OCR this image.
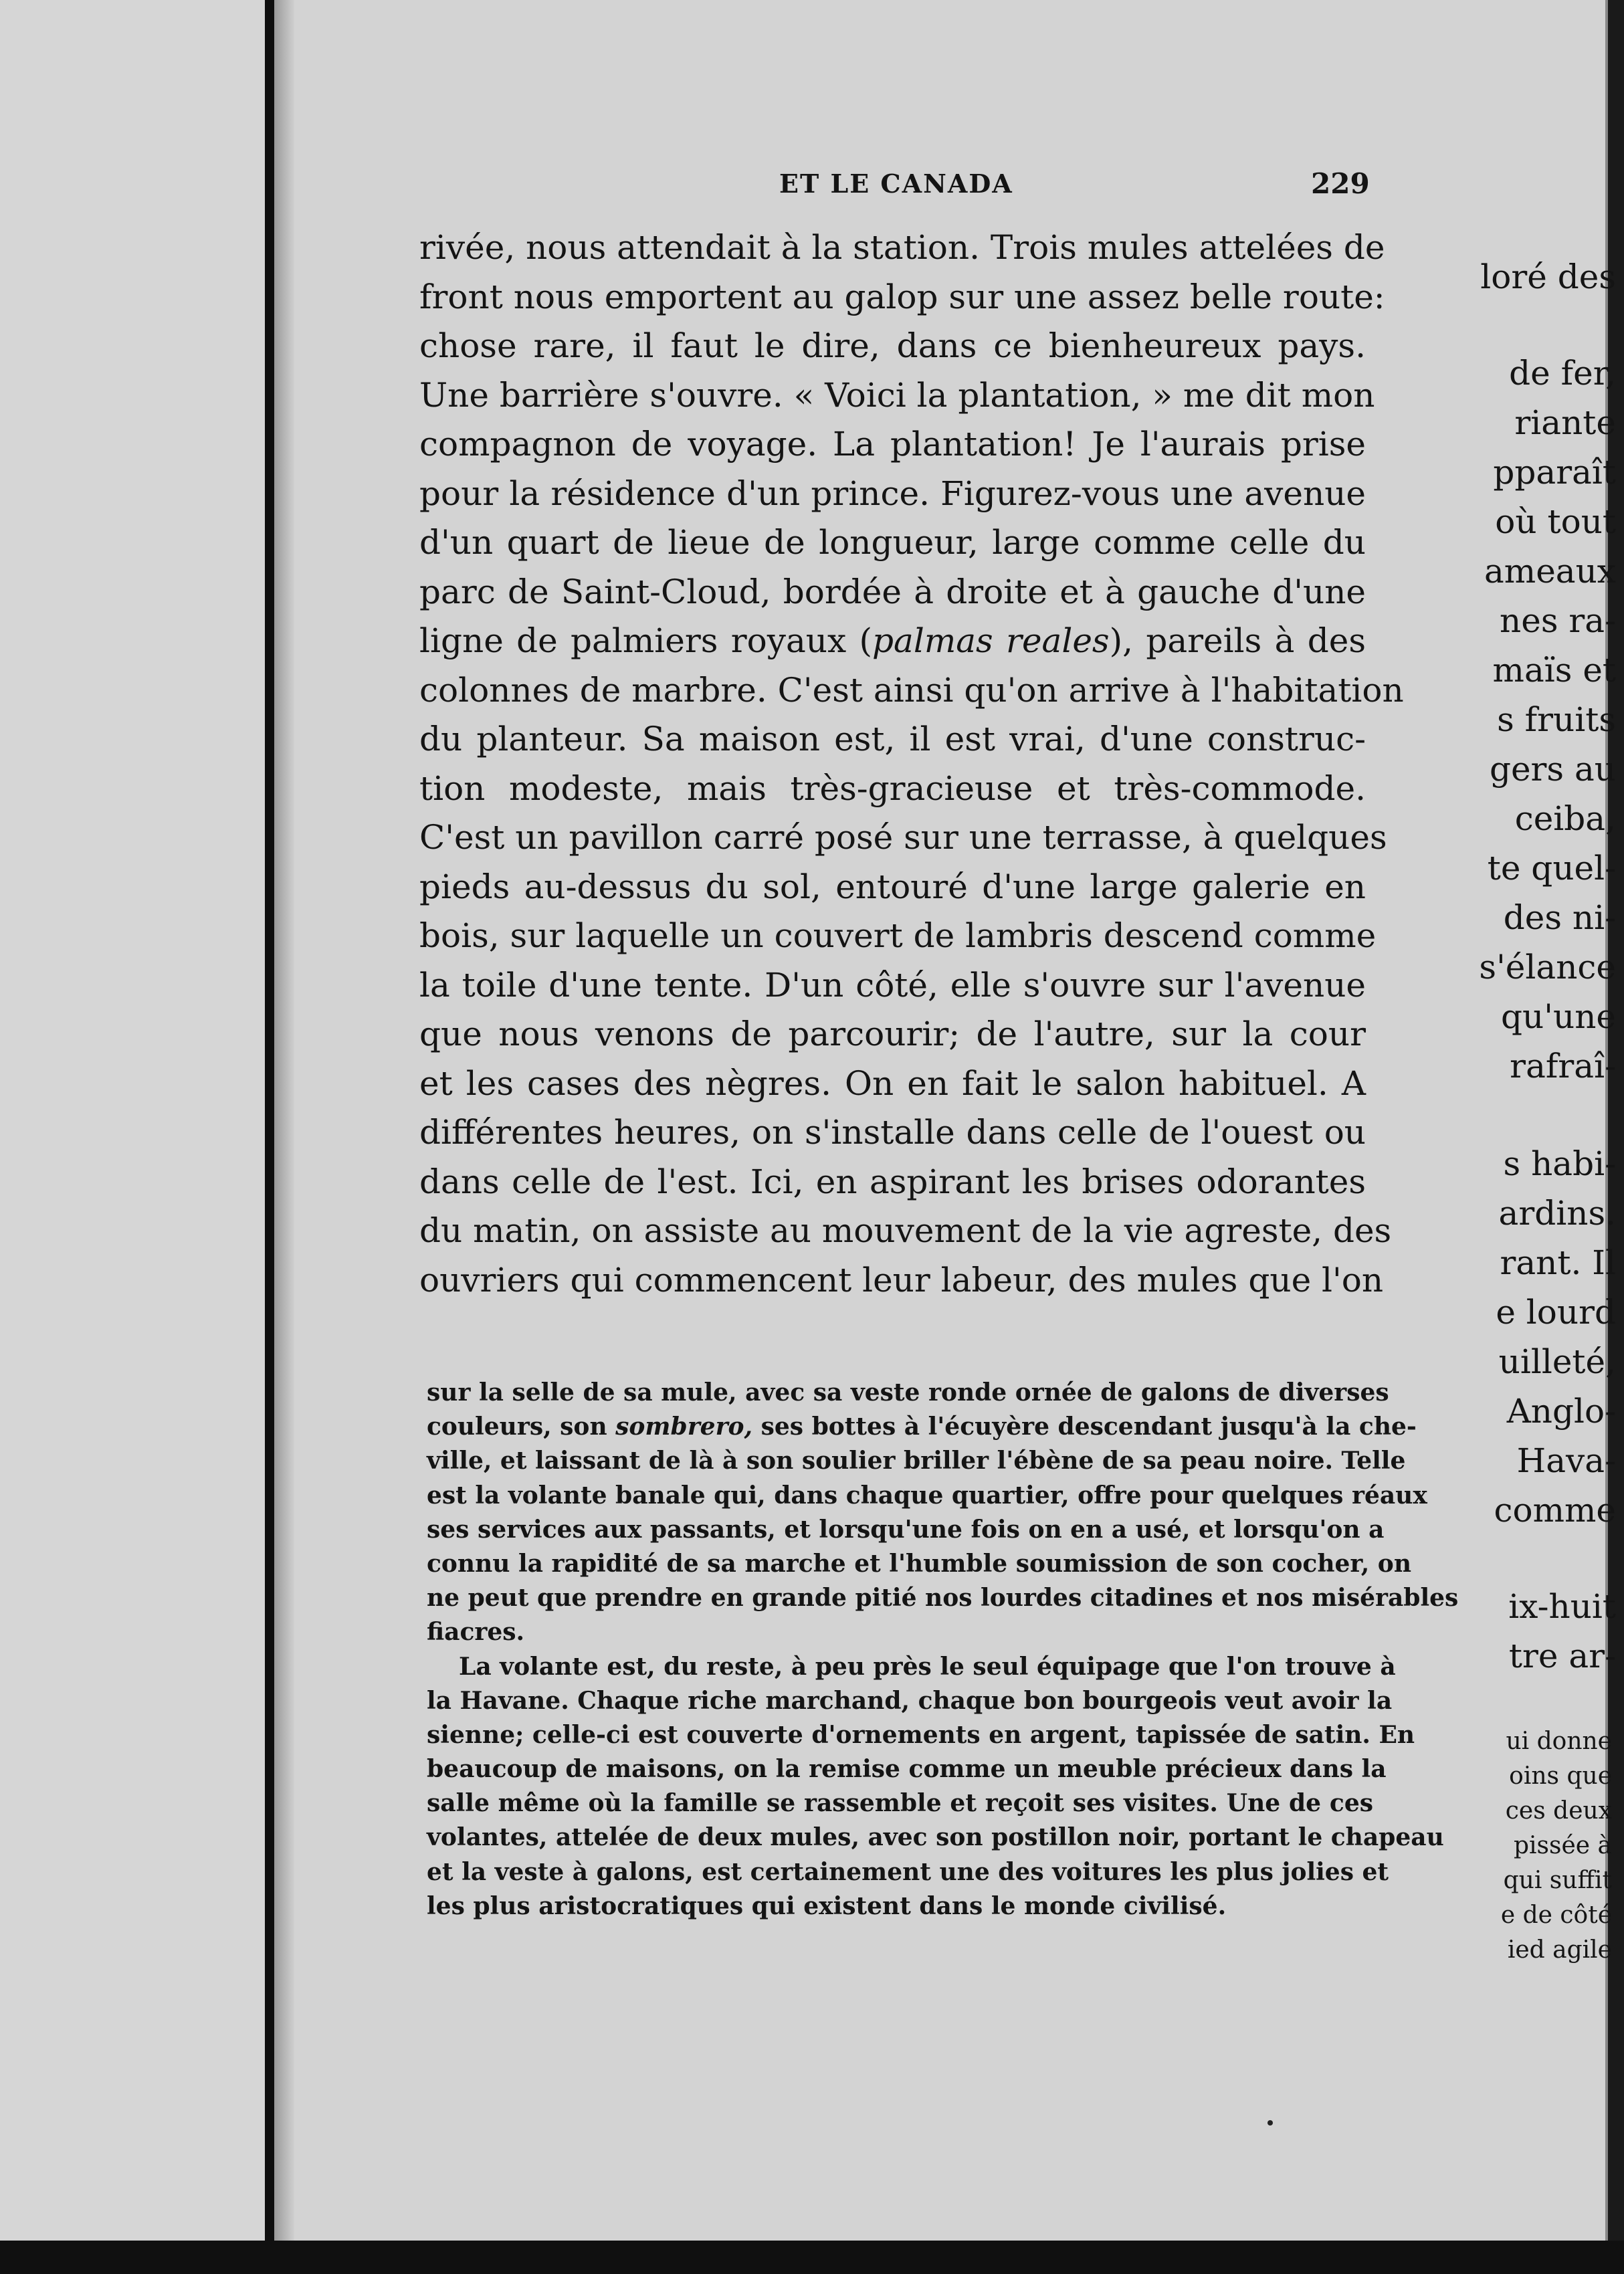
loré des
de fer,
riante
pparaît
où tout
ameaux
nes ra-
maïs et
s fruits
gers au
ceiba,
te quel-
des ni-
s'élance
qu'une
rafraî-
s habi-
ardins.
rant. Il
e lourd
uilleté,
Anglo-
Hava-
comme
ix-huit
tre ar-
ui donne
oins que
ces deux
pissée à
qui suffit
e de côté
ied agile
ET LE CANADA	229
rivée, nous attendait à la station. Trois mules attelées de
front nous emportent au galop sur une assez belle route:
chose rare, il faut le dire, dans ce bienheureux pays.
Une barrière s'ouvre. « Voici la plantation, » me dit mon
compagnon de voyage. La plantation! Je l'aurais prise
pour la résidence d'un prince. Figurez-vous une avenue
d'un quart de lieue de longueur, large comme celle du
parc de Saint-Cloud, bordée à droite et à gauche d'une
ligne de palmiers royaux (palmas reales), pareils à des
colonnes de marbre. C'est ainsi qu'on arrive à l'habitation
du planteur. Sa maison est, il est vrai, d'une construc-
tion modeste, mais très-gracieuse et très-commode.
C'est un pavillon carré posé sur une terrasse, à quelques
pieds au-dessus du sol, entouré d'une large galerie en
bois, sur laquelle un couvert de lambris descend comme
la toile d'une tente. D'un côté, elle s'ouvre sur l'avenue
que nous venons de parcourir; de l'autre, sur la cour
et les cases des nègres. On en fait le salon habituel. A
différentes heures, on s'installe dans celle de l'ouest ou
dans celle de l'est. Ici, en aspirant les brises odorantes
du matin, on assiste au mouvement de la vie agreste, des
ouvriers qui commencent leur labeur, des mules que l'on
sur la selle de sa mule, avec sa veste ronde ornée de galons de diverses
couleurs, son sombrero, ses bottes à l'écuyère descendant jusqu'à la che-
ville, et laissant de là à son soulier briller l'ébène de sa peau noire. Telle
est la volante banale qui, dans chaque quartier, offre pour quelques réaux
ses services aux passants, et lorsqu'une fois on en a usé, et lorsqu'on a
connu la rapidité de sa marche et l'humble soumission de son cocher, on
ne peut que prendre en grande pitié nos lourdes citadines et nos misérables
fiacres.
La volante est, du reste, à peu près le seul équipage que l'on trouve à
la Havane. Chaque riche marchand, chaque bon bourgeois veut avoir la
sienne; celle-ci est couverte d'ornements en argent, tapissée de satin. En
beaucoup de maisons, on la remise comme un meuble précieux dans la
salle même où la famille se rassemble et reçoit ses visites. Une de ces
volantes, attelée de deux mules, avec son postillon noir, portant le chapeau
et la veste à galons, est certainement une des voitures les plus jolies et
les plus aristocratiques qui existent dans le monde civilisé.
